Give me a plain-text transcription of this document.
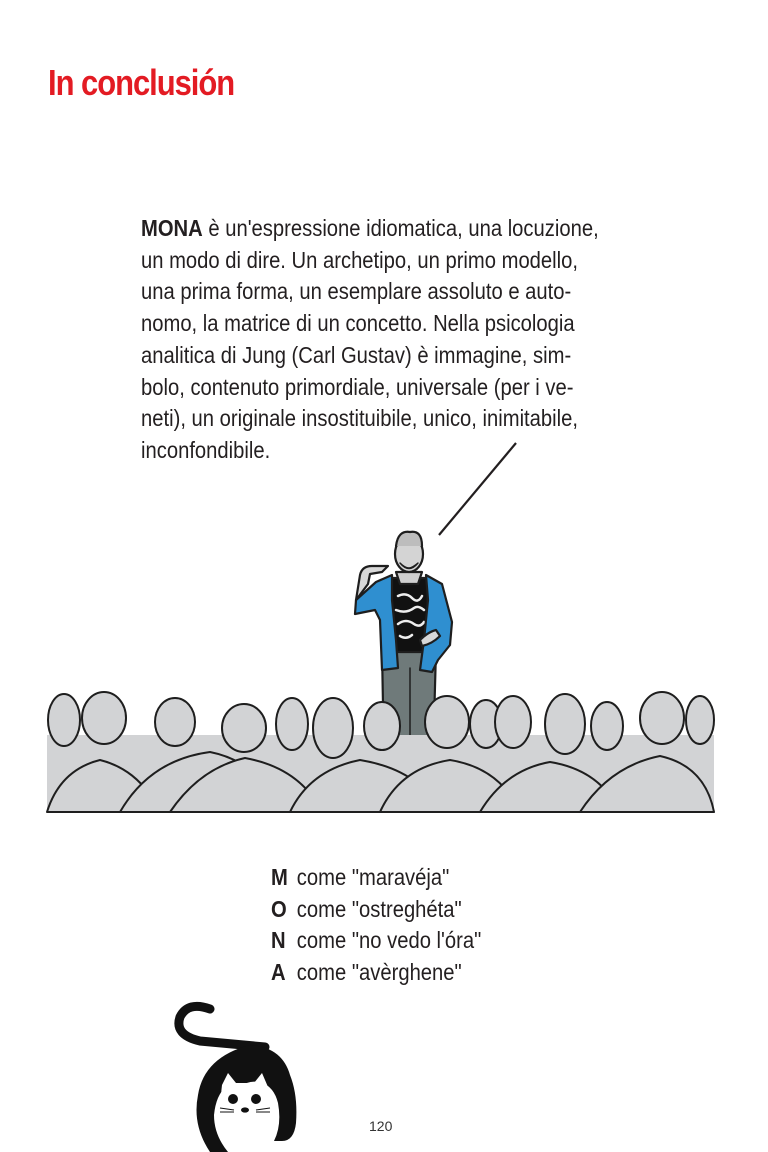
In conclusión

MONA è un'espressione idiomatica, una locuzione,
un modo di dire. Un archetipo, un primo modello,
una prima forma, un esemplare assoluto e auto-
nomo, la matrice di un concetto. Nella psicologia
analitica di Jung (Carl Gustav) è immagine, sim-
bolo, contenuto primordiale, universale (per i ve-
neti), un originale insostituibile, unico, inimitabile,
inconfondibile.

M come "maravéja"
O come "ostreghéta"
N come "no vedo l'óra"
A come "avèrghene"
120
